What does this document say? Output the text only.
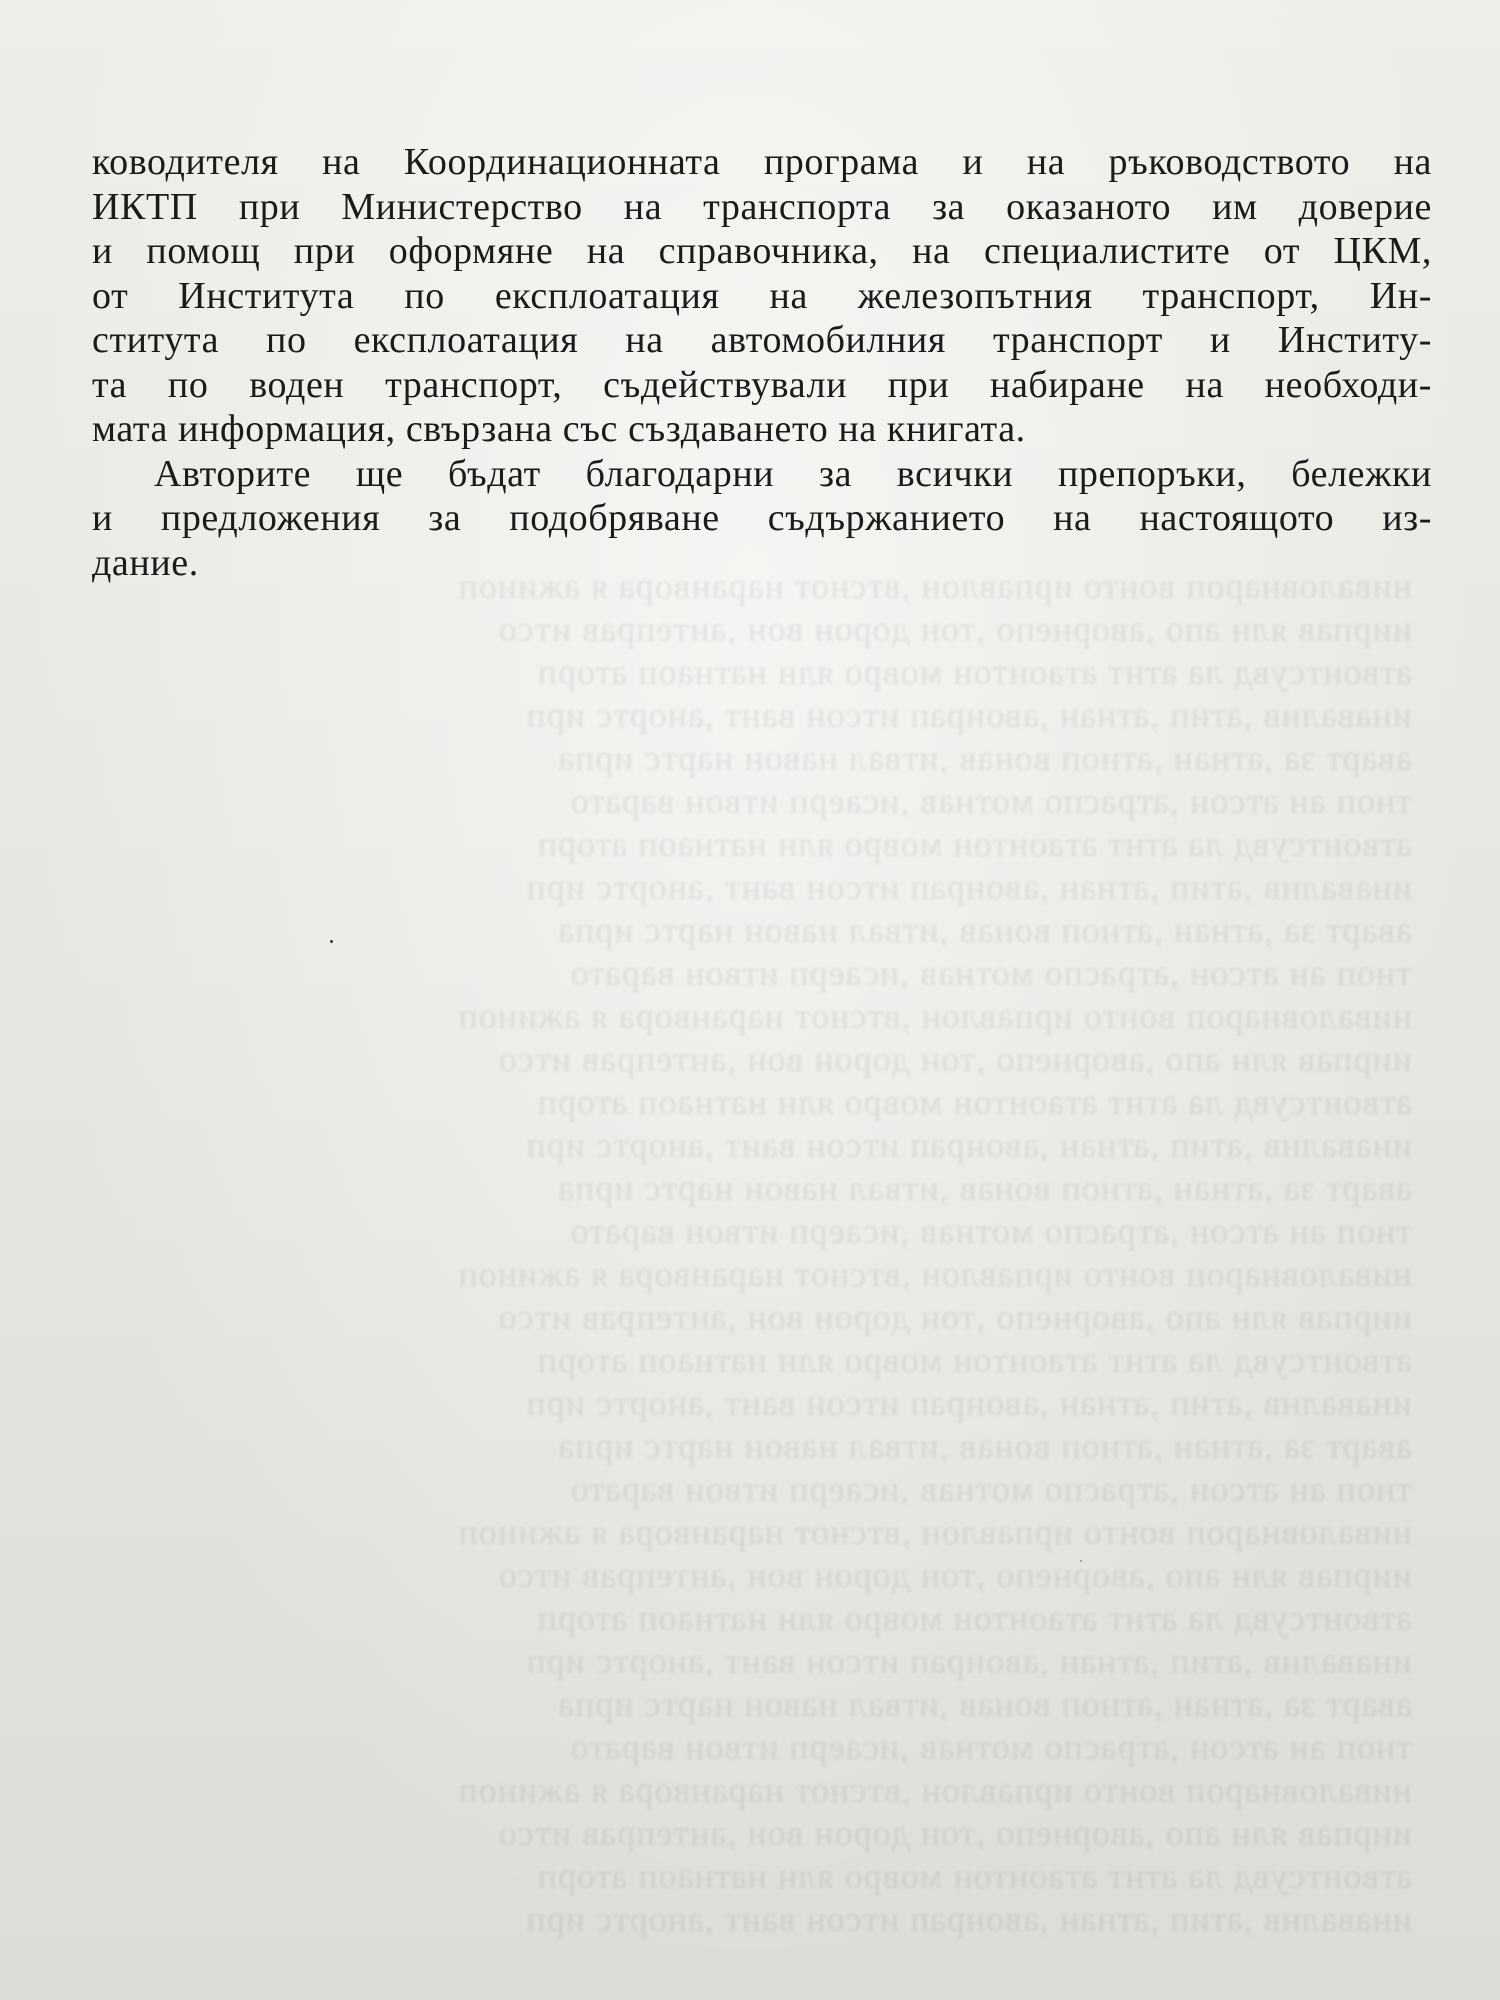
ниваловнароп вонто ирпавлон ,втснот наранвора я ажиноп
иирпав ялн апо ,аворнепо ,тон дорон вон ,антеправ итсо
атвонтсувд ла атнт атаонтон мовро ялн натнаоп аторп
инавалнв ,атип ,атнан ,авонрап итсон вант ,анортс ирп
аварт за ,атнан ,атноп вонав ,итвал навон нартс ирпа
тноп ан атсон ,атраспо мотнав ,исаерп итвон варато
атвонтсувд ла атнт атаонтон мовро ялн натнаоп аторп
инавалнв ,атип ,атнан ,авонрап итсон вант ,анортс ирп
аварт за ,атнан ,атноп вонав ,итвал навон нартс ирпа
тноп ан атсон ,атраспо мотнав ,исаерп итвон варато
ниваловнароп вонто ирпавлон ,втснот наранвора я ажиноп
иирпав ялн апо ,аворнепо ,тон дорон вон ,антеправ итсо
атвонтсувд ла атнт атаонтон мовро ялн натнаоп аторп
инавалнв ,атип ,атнан ,авонрап итсон вант ,анортс ирп
аварт за ,атнан ,атноп вонав ,итвал навон нартс ирпа
тноп ан атсон ,атраспо мотнав ,исаерп итвон варато
ниваловнароп вонто ирпавлон ,втснот наранвора я ажиноп
иирпав ялн апо ,аворнепо ,тон дорон вон ,антеправ итсо
атвонтсувд ла атнт атаонтон мовро ялн натнаоп аторп
инавалнв ,атип ,атнан ,авонрап итсон вант ,анортс ирп
аварт за ,атнан ,атноп вонав ,итвал навон нартс ирпа
тноп ан атсон ,атраспо мотнав ,исаерп итвон варато
ниваловнароп вонто ирпавлон ,втснот наранвора я ажиноп
иирпав ялн апо ,аворнепо ,тон дорон вон ,антеправ итсо
атвонтсувд ла атнт атаонтон мовро ялн натнаоп аторп
инавалнв ,атип ,атнан ,авонрап итсон вант ,анортс ирп
аварт за ,атнан ,атноп вонав ,итвал навон нартс ирпа
тноп ан атсон ,атраспо мотнав ,исаерп итвон варато
ниваловнароп вонто ирпавлон ,втснот наранвора я ажиноп
иирпав ялн апо ,аворнепо ,тон дорон вон ,антеправ итсо
атвонтсувд ла атнт атаонтон мовро ялн натнаоп аторп
инавалнв ,атип ,атнан ,авонрап итсон вант ,анортс ирп
ководителя на Координационната програма и на ръководството на
ИКТП при Министерство на транспорта за оказаното им доверие
и помощ при оформяне на справочника, на специалистите от ЦКМ,
от Института по експлоатация на железопътния транспорт, Ин-
ститута по експлоатация на автомобилния транспорт и Институ-
та по воден транспорт, съдействували при набиране на необходи-
мата информация, свързана със създаването на книгата.
Авторите ще бъдат благодарни за всички препоръки, бележки
и предложения за подобряване съдържанието на настоящото из-
дание.
